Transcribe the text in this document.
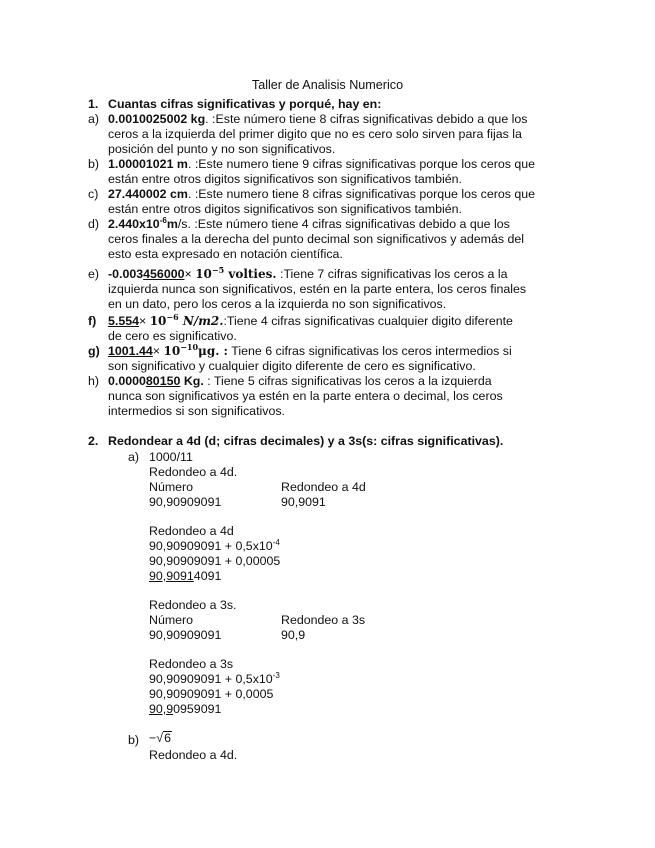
Taller de Analisis Numerico
1. Cuantas cifras significativas y porqué, hay en:
a) 0.0010025002 kg. :Este número tiene 8 cifras significativas debido a que los
ceros a la izquierda del primer digito que no es cero solo sirven para fijas la
posición del punto y no son significativos.
b) 1.00001021 m. :Este numero tiene 9 cifras significativas porque los ceros que
están entre otros digitos significativos son significativos también.
c) 27.440002 cm. :Este numero tiene 8 cifras significativas porque los ceros que
están entre otros digitos significativos son significativos también.
d) $2.440x10^{-6}m/s$. :Este número tiene 4 cifras significativas debido a que los
ceros finales a la derecha del punto decimal son significativos y además del
esto esta expresado en notación científica.
e) $-0.003456000\times 10^{-5}$ volties. :Tiene 7 cifras significativas los ceros a la
izquierda nunca son significativos, estén en la parte entera, los ceros finales
en un dato, pero los ceros a la izquierda no son significativos.
f) $5.554\times 10^{-6}$ N/m2.:Tiene 4 cifras significativas cualquier digito diferente
de cero es significativo.
g) $1001.44\times 10^{-10}\mu g$. : Tiene 6 cifras significativas los ceros intermedios si
son significativo y cualquier digito diferente de cero es significativo.
h) 0.000080150 Kg. : Tiene 5 cifras significativas los ceros a la izquierda
nunca son significativos ya estén en la parte entera o decimal, los ceros
intermedios si son significativos.
2. Redondear a 4d (d; cifras decimales) y a 3s(s: cifras significativas).
a) 1000/11
Redondeo a 4d.
Número	Redondeo a 4d
90,90909091	90,9091
Redondeo a 4d
$90,90909091 + 0,5x10^{-4}$
90,90909091 + 0,00005
90,90914091
Redondeo a 3s.
Número	Redondeo a 3s
90,90909091	90,9
Redondeo a 3s
$90,90909091 + 0,5x10^{-3}$
90,90909091 + 0,0005
90,90959091
b) −√6
Redondeo a 4d.
